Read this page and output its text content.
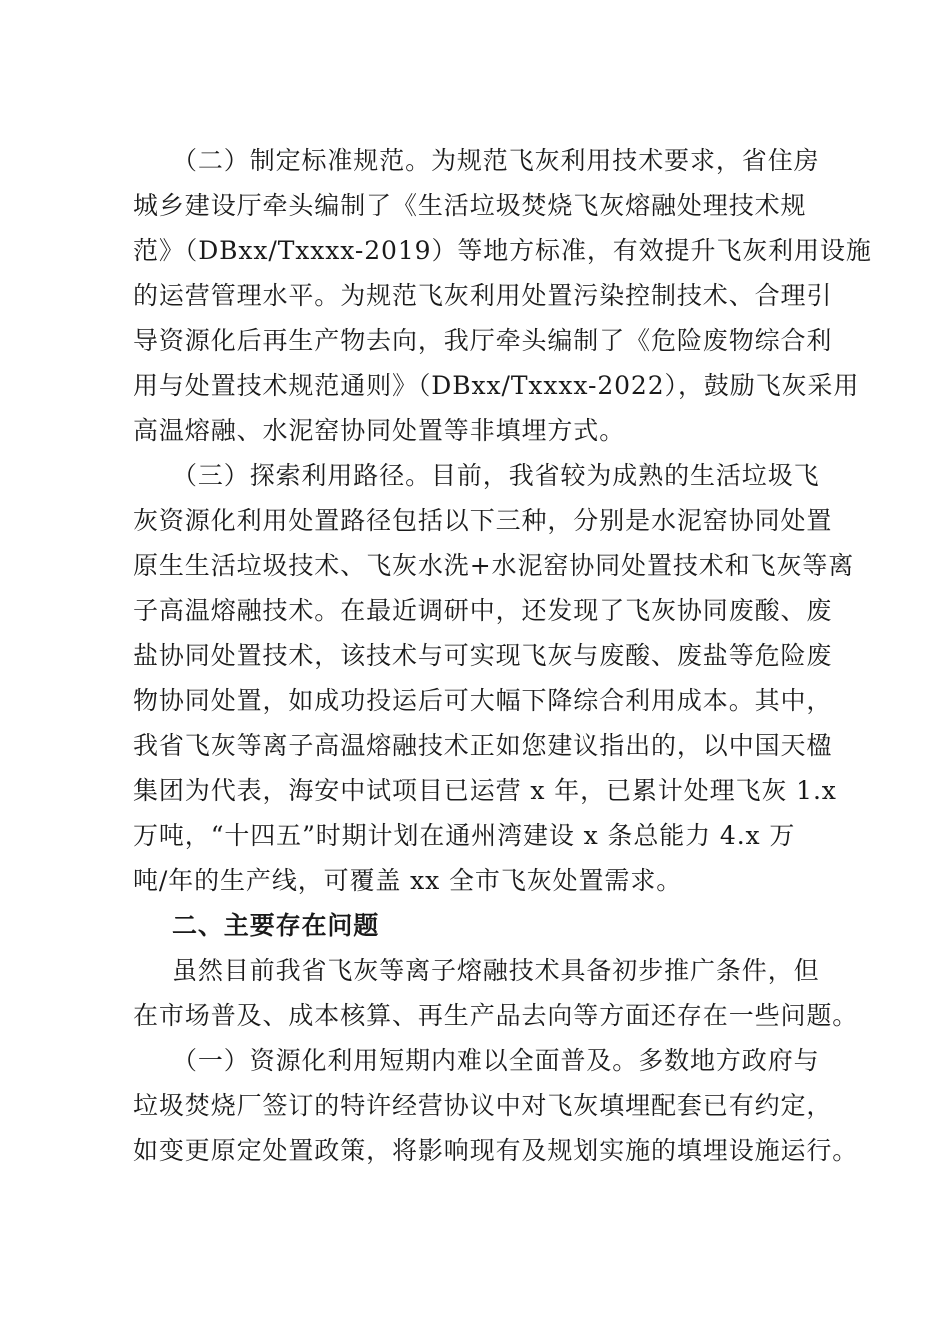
（二）制定标准规范。为规范飞灰利用技术要求，省住房
城乡建设厅牵头编制了《生活垃圾焚烧飞灰熔融处理技术规
范》（DBxx/Txxxx-2019）等地方标准，有效提升飞灰利用设施
的运营管理水平。为规范飞灰利用处置污染控制技术、合理引
导资源化后再生产物去向，我厅牵头编制了《危险废物综合利
用与处置技术规范通则》（DBxx/Txxxx-2022），鼓励飞灰采用
高温熔融、水泥窑协同处置等非填埋方式。
（三）探索利用路径。目前，我省较为成熟的生活垃圾飞
灰资源化利用处置路径包括以下三种，分别是水泥窑协同处置
原生生活垃圾技术、飞灰水洗+水泥窑协同处置技术和飞灰等离
子高温熔融技术。在最近调研中，还发现了飞灰协同废酸、废
盐协同处置技术，该技术与可实现飞灰与废酸、废盐等危险废
物协同处置，如成功投运后可大幅下降综合利用成本。其中，
我省飞灰等离子高温熔融技术正如您建议指出的，以中国天楹
集团为代表，海安中试项目已运营 x 年，已累计处理飞灰 1.x
万吨，“十四五”时期计划在通州湾建设 x 条总能力 4.x 万
吨/年的生产线，可覆盖 xx 全市飞灰处置需求。
二、主要存在问题
虽然目前我省飞灰等离子熔融技术具备初步推广条件，但
在市场普及、成本核算、再生产品去向等方面还存在一些问题。
（一）资源化利用短期内难以全面普及。多数地方政府与
垃圾焚烧厂签订的特许经营协议中对飞灰填埋配套已有约定，
如变更原定处置政策，将影响现有及规划实施的填埋设施运行。
